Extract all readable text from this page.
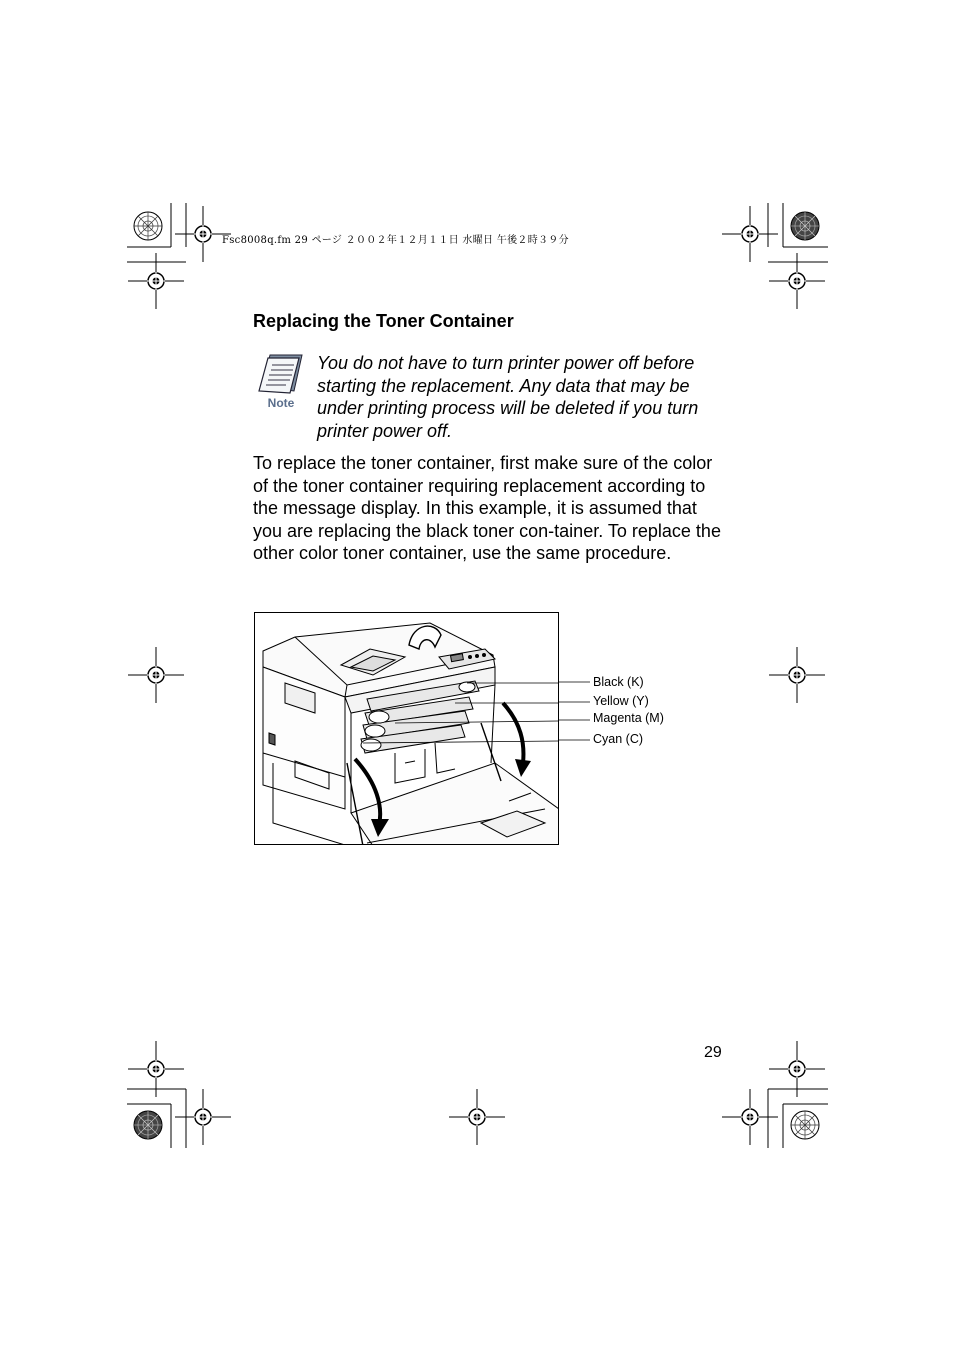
Fsc8008q.fm 29 ページ ２００２年１２月１１日 水曜日 午後２時３９分
Replacing the Toner Container
Note
You do not have to turn printer power off before starting the replacement. Any data that may be under printing process will be deleted if you turn printer power off.
To replace the toner container, first make sure of the color of the toner container requiring replacement according to the message display. In this example, it is assumed that you are replacing the black toner con-tainer. To replace the other color toner container, use the same procedure.
Black (K)
Yellow (Y)
Magenta (M)
Cyan (C)
29
